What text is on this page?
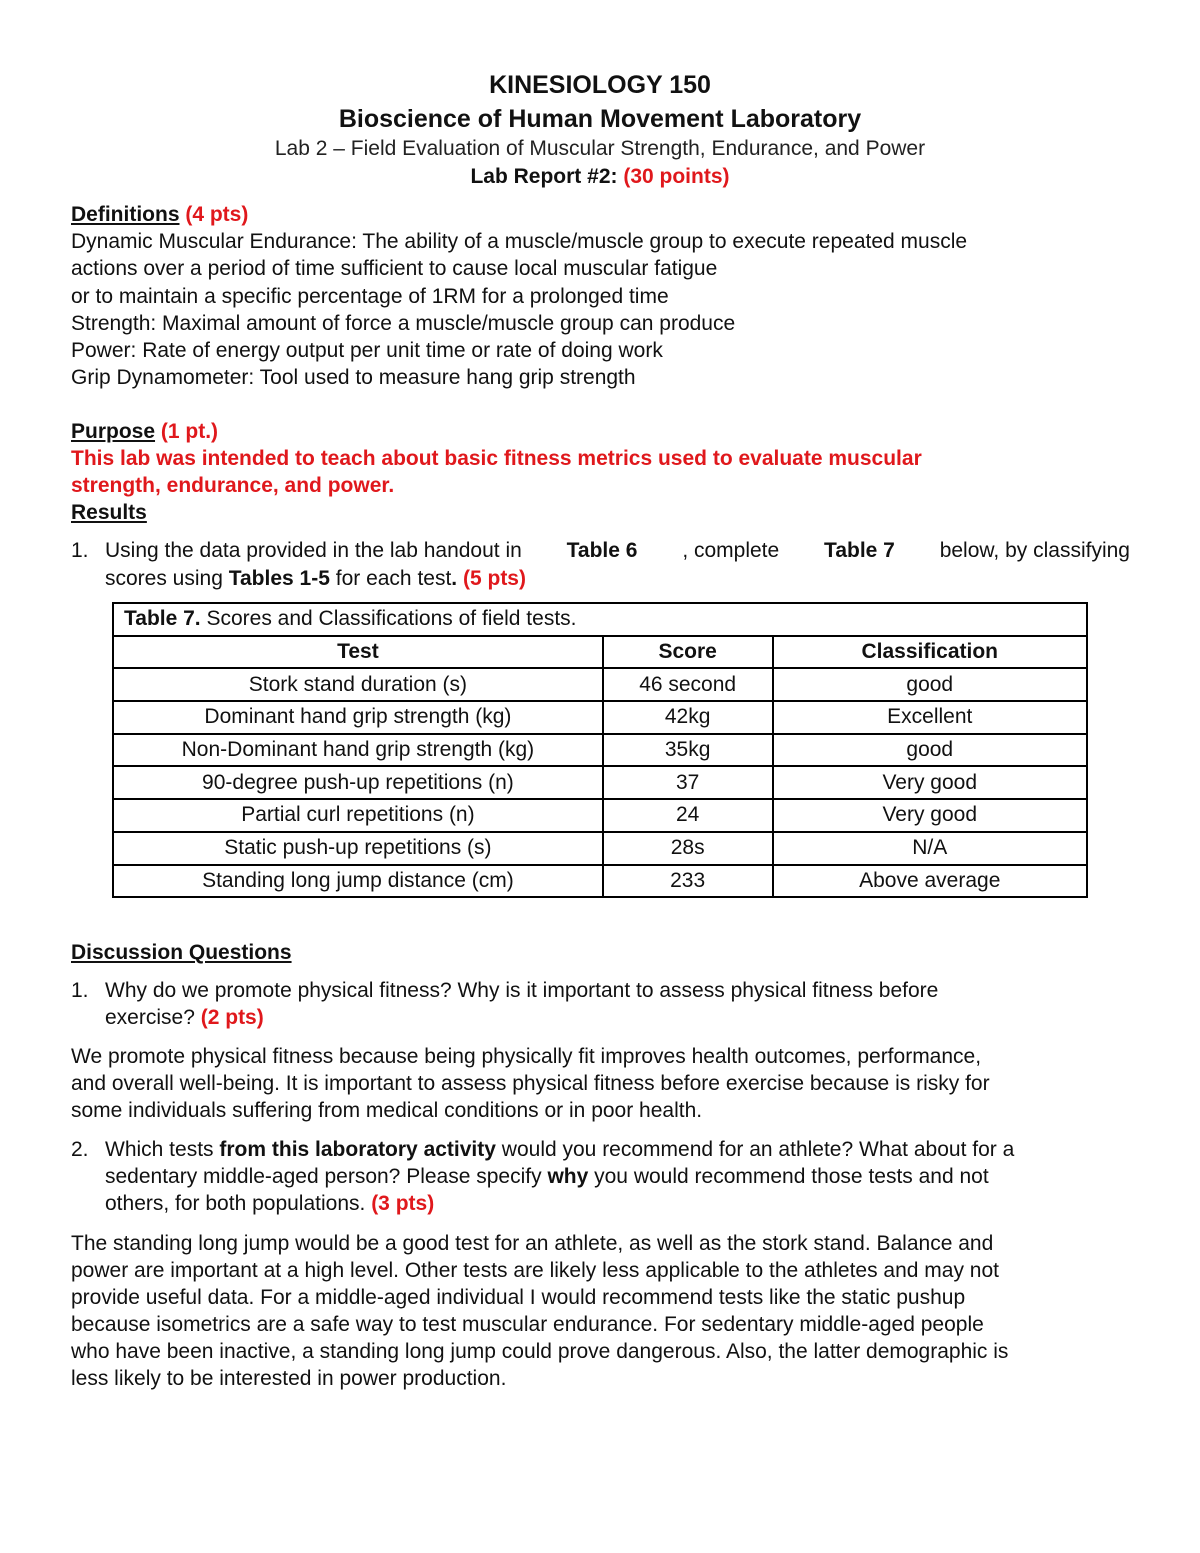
KINESIOLOGY 150
Bioscience of Human Movement Laboratory
Lab 2 – Field Evaluation of Muscular Strength, Endurance, and Power
Lab Report #2: (30 points)
Definitions (4 pts)
Dynamic Muscular Endurance: The ability of a muscle/muscle group to execute repeated muscle
actions over a period of time sufficient to cause local muscular fatigue
or to maintain a specific percentage of 1RM for a prolonged time
Strength: Maximal amount of force a muscle/muscle group can produce
Power: Rate of energy output per unit time or rate of doing work
Grip Dynamometer: Tool used to measure hang grip strength
Purpose (1 pt.)
This lab was intended to teach about basic fitness metrics used to evaluate muscular
strength, endurance, and power.
Results
1. Using the data provided in the lab handout in Table 6 , complete Table 7 below, by classifying
scores using Tables 1-5 for each test. (5 pts)
Table 7. Scores and Classifications of field tests.		
Test	Score	Classification
Stork stand duration (s)	46 second	good
Dominant hand grip strength (kg)	42kg	Excellent
Non-Dominant hand grip strength (kg)	35kg	good
90-degree push-up repetitions (n)	37	Very good
Partial curl repetitions (n)	24	Very good
Static push-up repetitions (s)	28s	N/A
Standing long jump distance (cm)	233	Above average
Discussion Questions
1. Why do we promote physical fitness? Why is it important to assess physical fitness before
exercise? (2 pts)
We promote physical fitness because being physically fit improves health outcomes, performance,
and overall well-being. It is important to assess physical fitness before exercise because is risky for
some individuals suffering from medical conditions or in poor health.
2. Which tests from this laboratory activity would you recommend for an athlete? What about for a
sedentary middle-aged person? Please specify why you would recommend those tests and not
others, for both populations. (3 pts)
The standing long jump would be a good test for an athlete, as well as the stork stand. Balance and
power are important at a high level. Other tests are likely less applicable to the athletes and may not
provide useful data. For a middle-aged individual I would recommend tests like the static pushup
because isometrics are a safe way to test muscular endurance. For sedentary middle-aged people
who have been inactive, a standing long jump could prove dangerous. Also, the latter demographic is
less likely to be interested in power production.
